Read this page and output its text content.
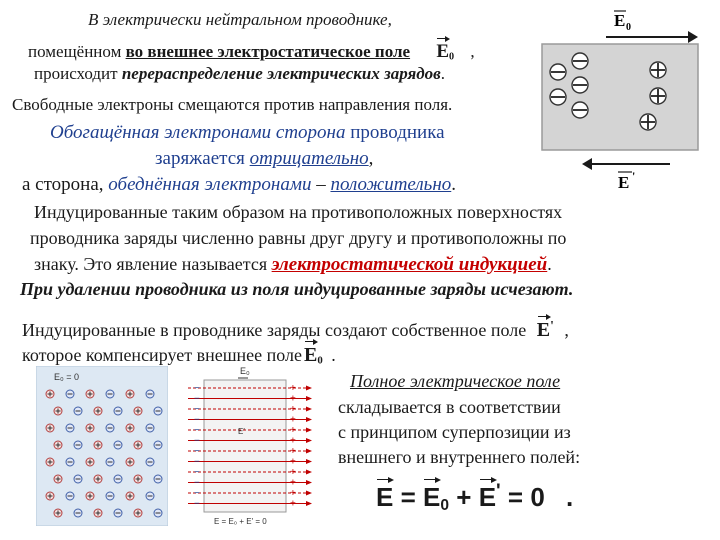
В электрически нейтральном проводнике,

помещённом во внешнее электростатическое поле $E_0$ ,

происходит перераспределение электрических зарядов.

Свободные электроны смещаются против направления поля.

Обогащённая электронами сторона проводника

заряжается отрицательно,

а сторона, обеднённая электронами – положительно.

Индуцированные таким образом на противоположных поверхностях

проводника заряды численно равны друг другу и противоположны по

знаку. Это явление называется электростатической индукцией.

При удалении проводника из поля индуцированные заряды исчезают.

Индуцированные в проводнике заряды создают собственное поле E' ,

которое компенсирует внешнее поле $E_0$ .

Полное электрическое поле

складывается в соответствии

с принципом суперпозиции из

внешнего и внутреннего полей:

$E = E_0 + E' = 0$ .
E 0
E '
E₀ = 0
E₀
−	+
−	+
−	+
−	+
−	+
−	+
−	+
−	+
−	+
−	+
−	+
−	+
E'
E = E₀ + E' = 0
